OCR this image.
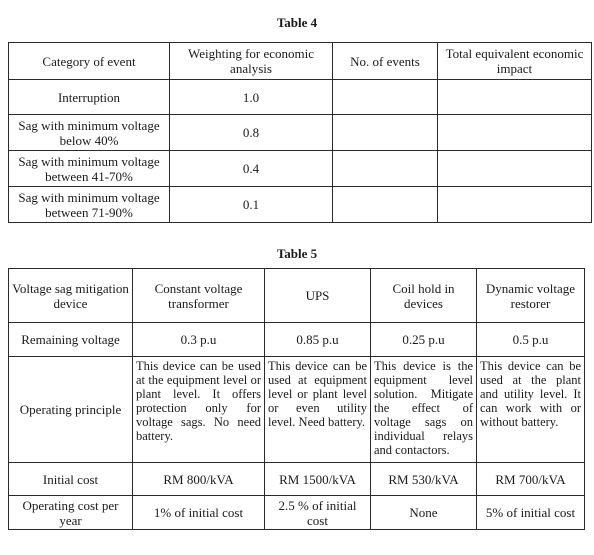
Table 4
Category of event	Weighting for economic analysis	No. of events	Total equivalent economic impact
Interruption	1.0		
Sag with minimum voltage below 40%	0.8		
Sag with minimum voltage between 41-70%	0.4		
Sag with minimum voltage between 71-90%	0.1		
Table 5
Voltage sag mitigation device	Constant voltage transformer	UPS	Coil hold in devices	Dynamic voltage restorer
Remaining voltage	0.3 p.u	0.85 p.u	0.25 p.u	0.5 p.u
Operating principle	This device can be used at the equipment level or plant level. It offers protection only for voltage sags. No need battery.	This device can be used at equipment level or plant level or even utility level. Need battery.	This device is the equipment level solution. Mitigate the effect of voltage sags on individual relays and contactors.	This device can be used at the plant and utility level. It can work with or without battery.
Initial cost	RM 800/kVA	RM 1500/kVA	RM 530/kVA	RM 700/kVA
Operating cost per year	1% of initial cost	2.5 % of initial cost	None	5% of initial cost
